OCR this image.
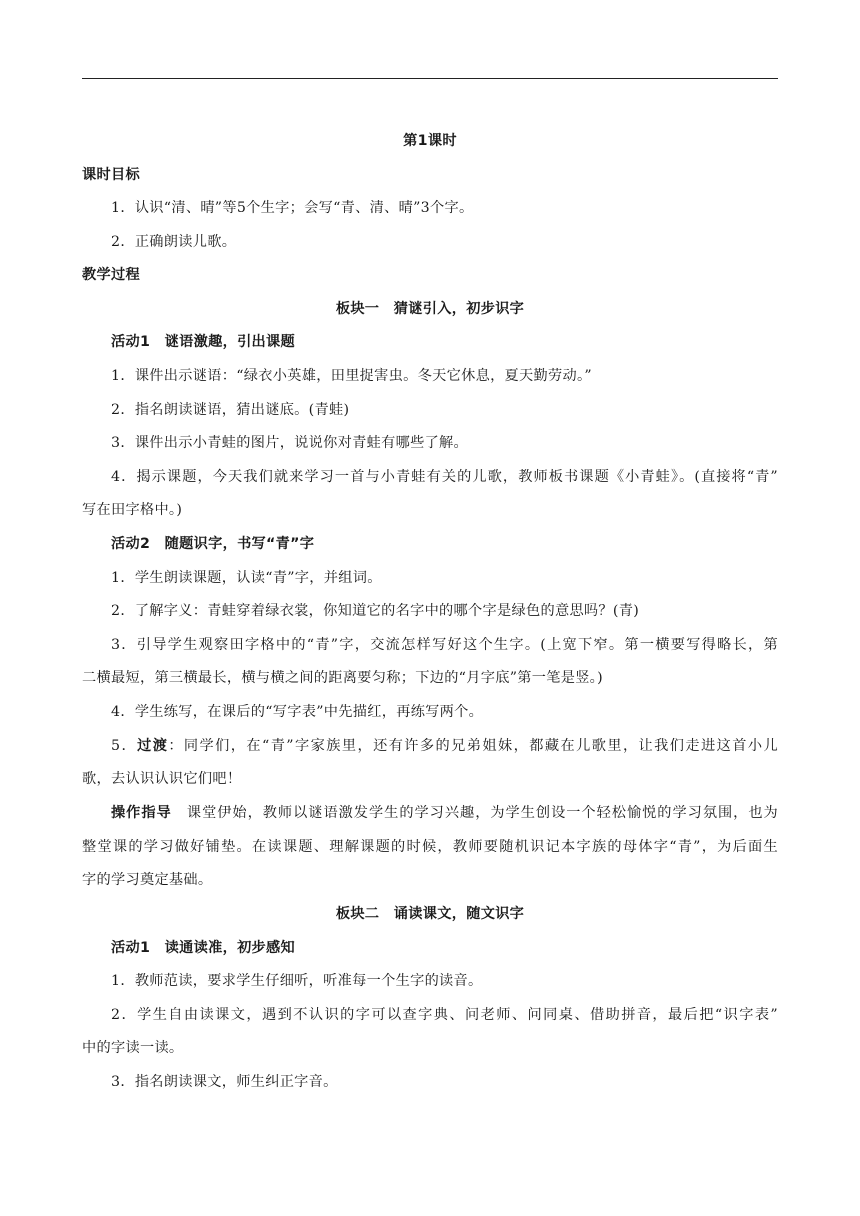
第1课时
课时目标
1．认识“清、晴”等5个生字；会写“青、清、晴”3个字。
2．正确朗读儿歌。
教学过程
板块一　猜谜引入，初步识字
活动1　谜语激趣，引出课题
1．课件出示谜语：“绿衣小英雄，田里捉害虫。冬天它休息，夏天勤劳动。”
2．指名朗读谜语，猜出谜底。(青蛙)
3．课件出示小青蛙的图片，说说你对青蛙有哪些了解。
4．揭示课题，今天我们就来学习一首与小青蛙有关的儿歌，教师板书课题《小青蛙》。(直接将“青”
写在田字格中。)
活动2　随题识字，书写“青”字
1．学生朗读课题，认读“青”字，并组词。
2．了解字义：青蛙穿着绿衣裳，你知道它的名字中的哪个字是绿色的意思吗？(青)
3．引导学生观察田字格中的“青”字，交流怎样写好这个生字。(上宽下窄。第一横要写得略长，第
二横最短，第三横最长，横与横之间的距离要匀称；下边的“月字底”第一笔是竖。)
4．学生练写，在课后的“写字表”中先描红，再练写两个。
5．过渡：同学们，在“青”字家族里，还有许多的兄弟姐妹，都藏在儿歌里，让我们走进这首小儿
歌，去认识认识它们吧！
操作指导　 课堂伊始，教师以谜语激发学生的学习兴趣，为学生创设一个轻松愉悦的学习氛围，也为
整堂课的学习做好铺垫。在读课题、理解课题的时候，教师要随机识记本字族的母体字“青”，为后面生
字的学习奠定基础。
板块二　诵读课文，随文识字
活动1　读通读准，初步感知
1．教师范读，要求学生仔细听，听准每一个生字的读音。
2．学生自由读课文，遇到不认识的字可以查字典、问老师、问同桌、借助拼音，最后把“识字表”
中的字读一读。
3．指名朗读课文，师生纠正字音。
